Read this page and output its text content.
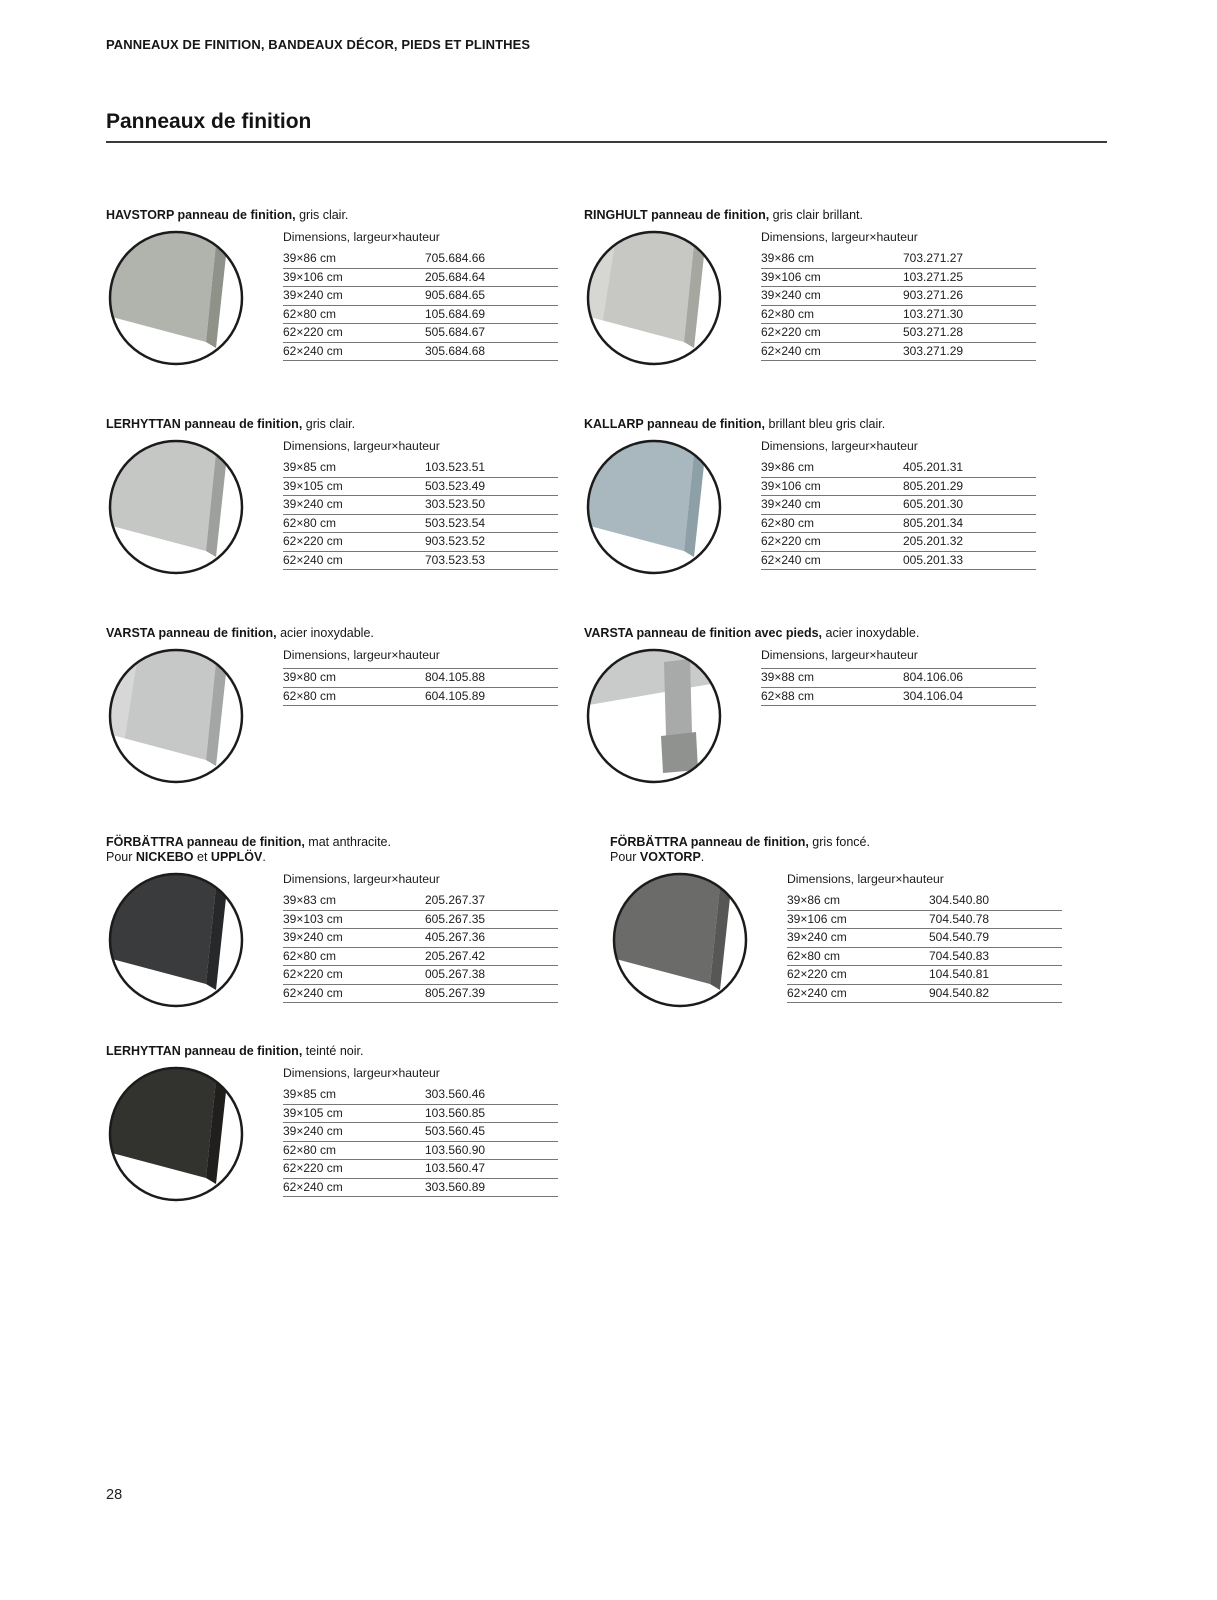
PANNEAUX DE FINITION, BANDEAUX DÉCOR, PIEDS ET PLINTHES
Panneaux de finition
HAVSTORP panneau de finition, gris clair.
Dimensions, largeur×hauteur
39×86 cm	705.684.66
39×106 cm	205.684.64
39×240 cm	905.684.65
62×80 cm	105.684.69
62×220 cm	505.684.67
62×240 cm	305.684.68
LERHYTTAN panneau de finition, gris clair.
Dimensions, largeur×hauteur
39×85 cm	103.523.51
39×105 cm	503.523.49
39×240 cm	303.523.50
62×80 cm	503.523.54
62×220 cm	903.523.52
62×240 cm	703.523.53
VARSTA panneau de finition, acier inoxydable.
Dimensions, largeur×hauteur
39×80 cm	804.105.88
62×80 cm	604.105.89
FÖRBÄTTRA panneau de finition, mat anthracite.
Pour NICKEBO et UPPLÖV.
Dimensions, largeur×hauteur
39×83 cm	205.267.37
39×103 cm	605.267.35
39×240 cm	405.267.36
62×80 cm	205.267.42
62×220 cm	005.267.38
62×240 cm	805.267.39
LERHYTTAN panneau de finition, teinté noir.
Dimensions, largeur×hauteur
39×85 cm	303.560.46
39×105 cm	103.560.85
39×240 cm	503.560.45
62×80 cm	103.560.90
62×220 cm	103.560.47
62×240 cm	303.560.89
RINGHULT panneau de finition, gris clair brillant.
Dimensions, largeur×hauteur
39×86 cm	703.271.27
39×106 cm	103.271.25
39×240 cm	903.271.26
62×80 cm	103.271.30
62×220 cm	503.271.28
62×240 cm	303.271.29
KALLARP panneau de finition, brillant bleu gris clair.
Dimensions, largeur×hauteur
39×86 cm	405.201.31
39×106 cm	805.201.29
39×240 cm	605.201.30
62×80 cm	805.201.34
62×220 cm	205.201.32
62×240 cm	005.201.33
VARSTA panneau de finition avec pieds, acier inoxydable.
Dimensions, largeur×hauteur
39×88 cm	804.106.06
62×88 cm	304.106.04
FÖRBÄTTRA panneau de finition, gris foncé.
Pour VOXTORP.
Dimensions, largeur×hauteur
39×86 cm	304.540.80
39×106 cm	704.540.78
39×240 cm	504.540.79
62×80 cm	704.540.83
62×220 cm	104.540.81
62×240 cm	904.540.82
28
